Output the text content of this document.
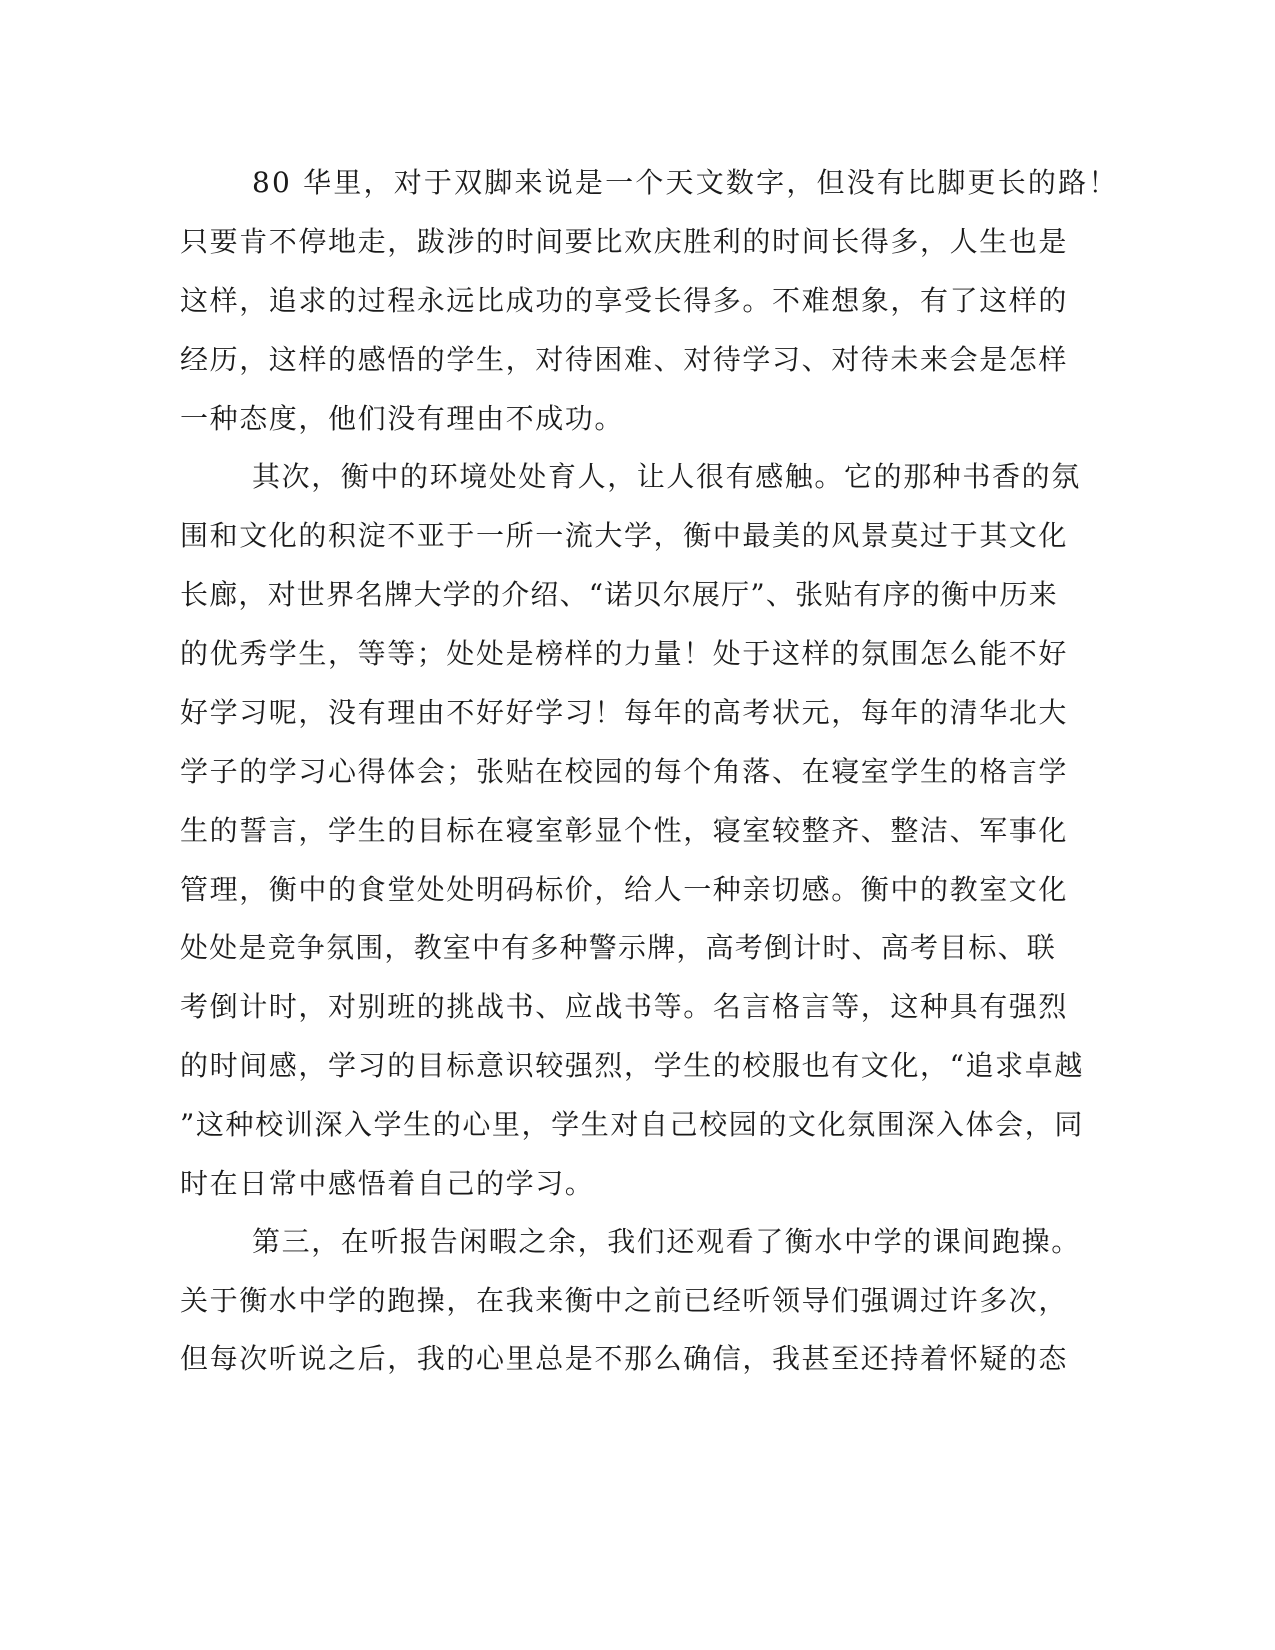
80 华里，对于双脚来说是一个天文数字，但没有比脚更长的路！
只要肯不停地走，跋涉的时间要比欢庆胜利的时间长得多，人生也是
这样，追求的过程永远比成功的享受长得多。不难想象，有了这样的
经历，这样的感悟的学生，对待困难、对待学习、对待未来会是怎样
一种态度，他们没有理由不成功。
其次，衡中的环境处处育人，让人很有感触。它的那种书香的氛
围和文化的积淀不亚于一所一流大学，衡中最美的风景莫过于其文化
长廊，对世界名牌大学的介绍、“诺贝尔展厅”、张贴有序的衡中历来
的优秀学生，等等；处处是榜样的力量！处于这样的氛围怎么能不好
好学习呢，没有理由不好好学习！每年的高考状元，每年的清华北大
学子的学习心得体会；张贴在校园的每个角落、在寝室学生的格言学
生的誓言，学生的目标在寝室彰显个性，寝室较整齐、整洁、军事化
管理，衡中的食堂处处明码标价，给人一种亲切感。衡中的教室文化
处处是竞争氛围，教室中有多种警示牌，高考倒计时、高考目标、联
考倒计时，对别班的挑战书、应战书等。名言格言等，这种具有强烈
的时间感，学习的目标意识较强烈，学生的校服也有文化，“追求卓越
”这种校训深入学生的心里，学生对自己校园的文化氛围深入体会，同
时在日常中感悟着自己的学习。
第三，在听报告闲暇之余，我们还观看了衡水中学的课间跑操。
关于衡水中学的跑操，在我来衡中之前已经听领导们强调过许多次，
但每次听说之后，我的心里总是不那么确信，我甚至还持着怀疑的态
